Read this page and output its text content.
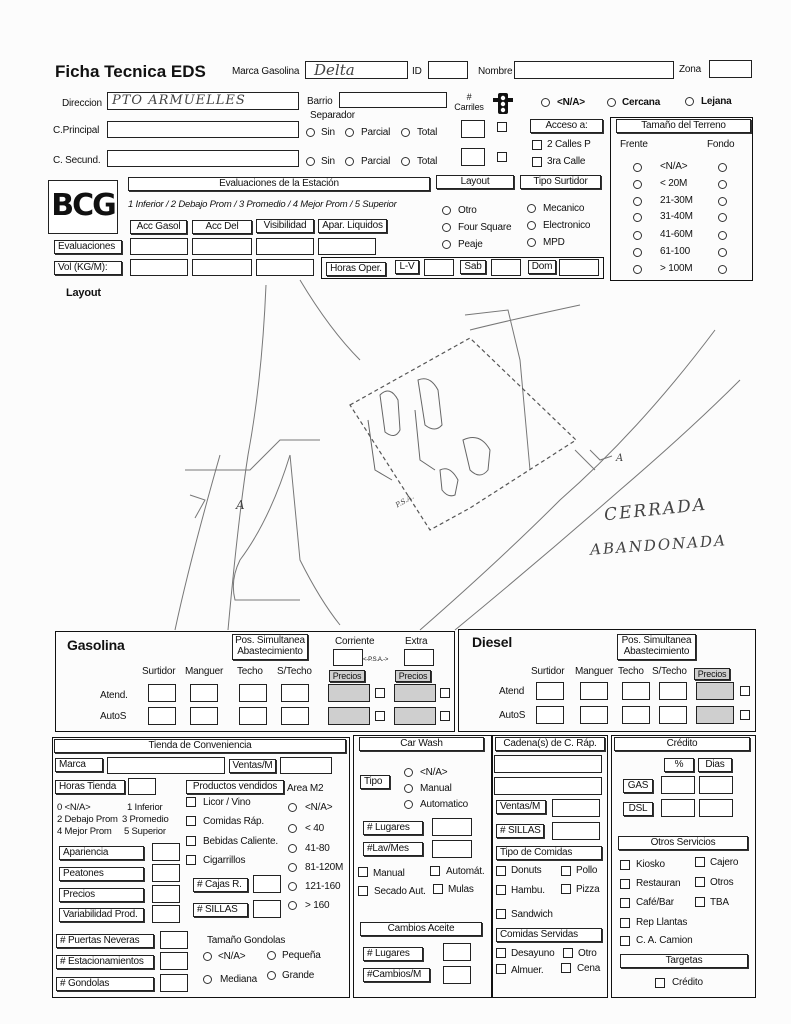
Ficha Tecnica EDS	Marca Gasolina Delta	ID	Nombre	Zona
Direccion PTO ARMUELLES	Barrio
Separador
# Carriles	<N/A>	Cercana	Lejana
C.Principal	Sin	Parcial	Total
C. Secund.	Sin	Parcial	Total
Acceso a:
2 Calles P
3ra Calle
Tamaño del Terreno
Frente	Fondo
<N/A>
< 20M
21-30M
31-40M
41-60M
61-100
> 100M
BCG
Evaluaciones de la Estación
1 Inferior / 2 Debajo Prom / 3 Promedio / 4 Mejor Prom / 5 Superior
Layout	Tipo Surtidor
Otro
Four Square
Peaje
Mecanico
Electronico
MPD
Acc Gasol	Acc Del	Visibilidad	Apar. Liquidos
Evaluaciones
Vol (KG/M):	Horas Oper.	L-V	Sab	Dom
Layout
P.S.A.
A
A
CERRADA
ABANDONADA
Gasolina	Pos. Simultanea Abastecimiento
Corriente	Extra
<-P.S.A.->
Surtidor Manguer Techo S/Techo	Precios	Precios
Atend.
AutoS
Diesel	Pos. Simultanea Abastecimiento
Surtidor Manguer Techo S/Techo	Precios
Atend
AutoS
Tienda de Conveniencia
Marca	Ventas/M
Horas Tienda	Productos vendidos Area M2
0 <N/A>	1 Inferior
2 Debajo Prom 3 Promedio
4 Mejor Prom 5 Superior
Licor / Vino
Comidas Ráp.
Bebidas Caliente.
Cigarrillos
<N/A>
< 40
41-80
81-120M
121-160
> 160
Apariencia
Peatones
Precios
Variabilidad Prod.
# Cajas R.
# SILLAS
# Puertas Neveras
# Estacionamientos
# Gondolas
Tamaño Gondolas
<N/A>	Pequeña
Mediana	Grande
Car Wash
Tipo
<N/A>
Manual
Automatico
# Lugares
#Lav/Mes
Manual	Automát.
Secado Aut. Mulas
Cambios Aceite
# Lugares
#Cambios/M
Cadena(s) de C. Ráp.
Ventas/M
# SILLAS
Tipo de Comidas
Donuts	Pollo
Hambu.	Pizza
Sandwich
Comidas Servidas
Desayuno Otro
Almuer.	Cena
Crédito
%	Dias
GAS
DSL
Otros Servicios
Kiosko	Cajero
Restauran	Otros
Café/Bar	TBA
Rep Llantas
C. A. Camion
Targetas
Crédito
